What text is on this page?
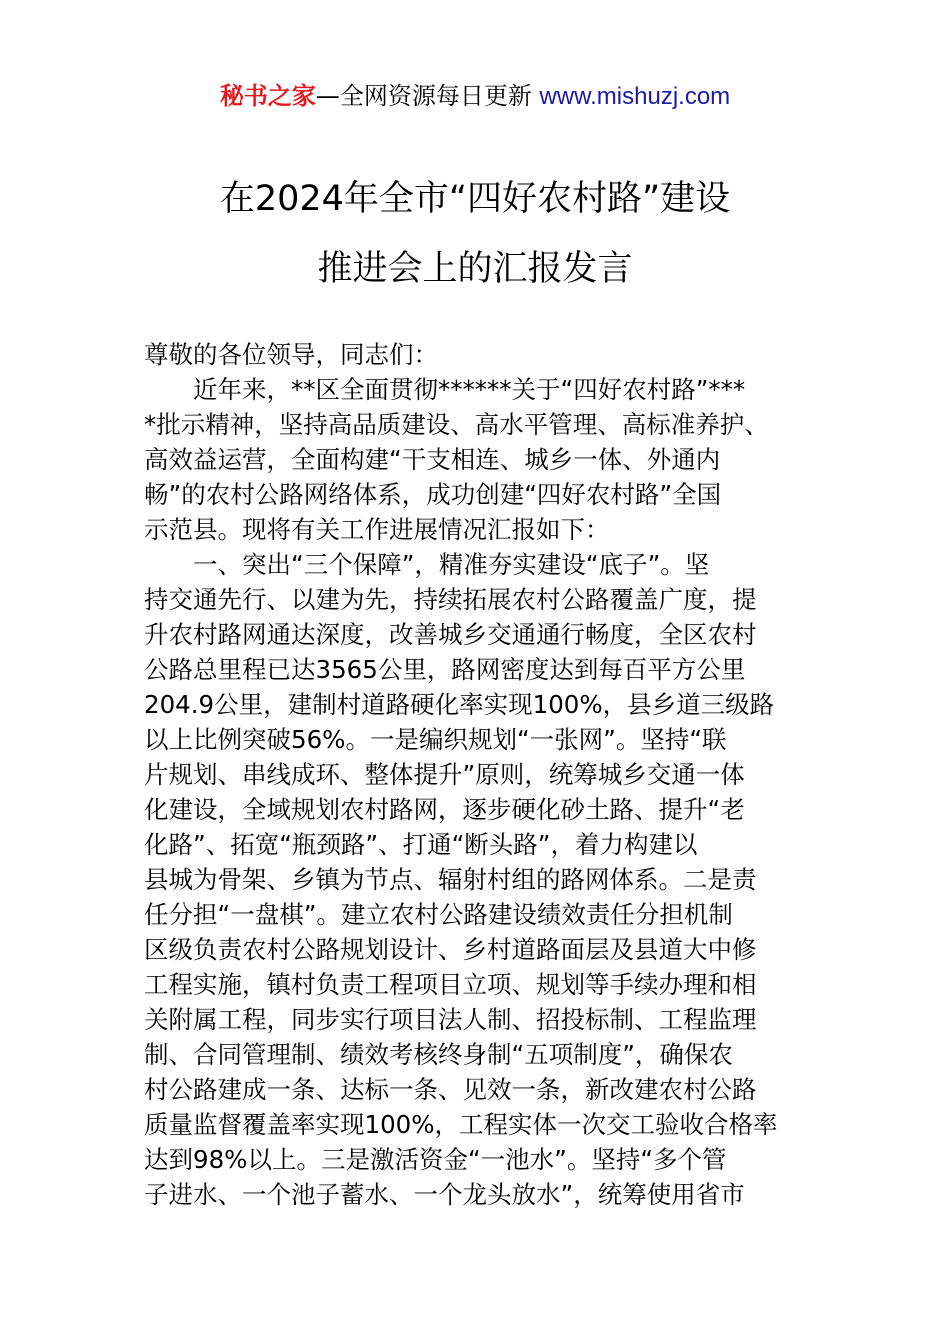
秘书之家—全网资源每日更新 www.mishuzj.com
在2024年全市“四好农村路”建设
推进会上的汇报发言
尊敬的各位领导，同志们：
近年来，**区全面贯彻******关于“四好农村路”***
*批示精神，坚持高品质建设、高水平管理、高标准养护、
高效益运营，全面构建“干支相连、城乡一体、外通内
畅”的农村公路网络体系，成功创建“四好农村路”全国
示范县。现将有关工作进展情况汇报如下：
一、突出“三个保障”，精准夯实建设“底子”。坚
持交通先行、以建为先，持续拓展农村公路覆盖广度，提
升农村路网通达深度，改善城乡交通通行畅度，全区农村
公路总里程已达3565公里，路网密度达到每百平方公里
204.9公里，建制村道路硬化率实现100%，县乡道三级路
以上比例突破56%。一是编织规划“一张网”。坚持“联
片规划、串线成环、整体提升”原则，统筹城乡交通一体
化建设，全域规划农村路网，逐步硬化砂土路、提升“老
化路”、拓宽“瓶颈路”、打通“断头路”，着力构建以
县城为骨架、乡镇为节点、辐射村组的路网体系。二是责
任分担“一盘棋”。建立农村公路建设绩效责任分担机制
区级负责农村公路规划设计、乡村道路面层及县道大中修
工程实施，镇村负责工程项目立项、规划等手续办理和相
关附属工程，同步实行项目法人制、招投标制、工程监理
制、合同管理制、绩效考核终身制“五项制度”，确保农
村公路建成一条、达标一条、见效一条，新改建农村公路
质量监督覆盖率实现100%，工程实体一次交工验收合格率
达到98%以上。三是激活资金“一池水”。坚持“多个管
子进水、一个池子蓄水、一个龙头放水”，统筹使用省市
